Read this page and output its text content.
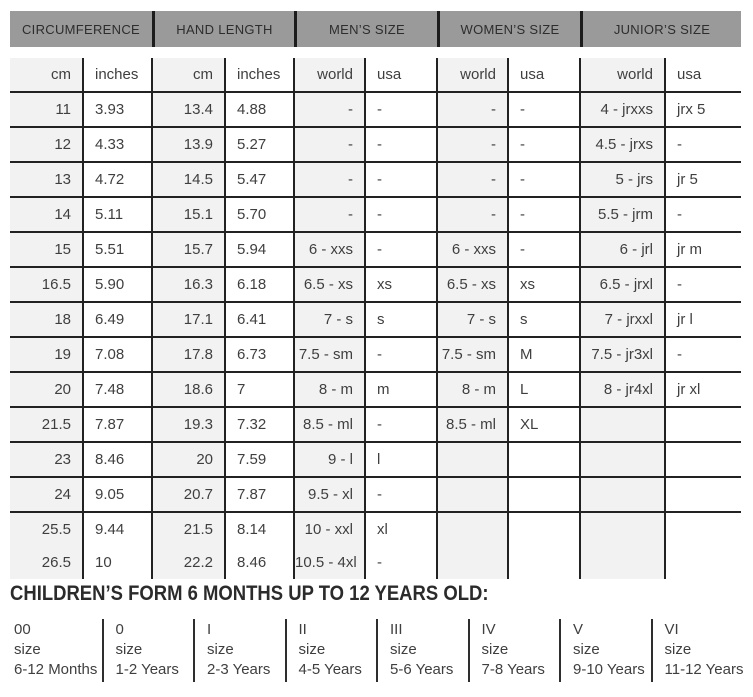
CIRCUMFERENCE	HAND LENGTH	MEN’S SIZE	WOMEN’S SIZE	JUNIOR’S SIZE
cm	inches	cm	inches	world	usa	world	usa	world	usa
11	3.93	13.4	4.88	-	-	-	-	4 - jrxxs	jrx 5
12	4.33	13.9	5.27	-	-	-	-	4.5 - jrxs	-
13	4.72	14.5	5.47	-	-	-	-	5 - jrs	jr 5
14	5.11	15.1	5.70	-	-	-	-	5.5 - jrm	-
15	5.51	15.7	5.94	6 - xxs	-	6 - xxs	-	6 - jrl	jr m
16.5	5.90	16.3	6.18	6.5 - xs	xs	6.5 - xs	xs	6.5 - jrxl	-
18	6.49	17.1	6.41	7 - s	s	7 - s	s	7 - jrxxl	jr l
19	7.08	17.8	6.73	7.5 - sm	-	7.5 - sm	M	7.5 - jr3xl	-
20	7.48	18.6	7	8 - m	m	8 - m	L	8 - jr4xl	jr xl
21.5	7.87	19.3	7.32	8.5 - ml	-	8.5 - ml	XL		
23	8.46	20	7.59	9 - l	l				
24	9.05	20.7	7.87	9.5 - xl	-				
25.5	9.44	21.5	8.14	10 - xxl	xl				
26.5	10	22.2	8.46	10.5 - 4xl	-				
CHILDREN’S FORM 6 MONTHS UP TO 12 YEARS OLD:
00
size
6-12 Months
0
size
1-2 Years
I
size
2-3 Years
II
size
4-5 Years
III
size
5-6 Years
IV
size
7-8 Years
V
size
9-10 Years
VI
size
11-12 Years
